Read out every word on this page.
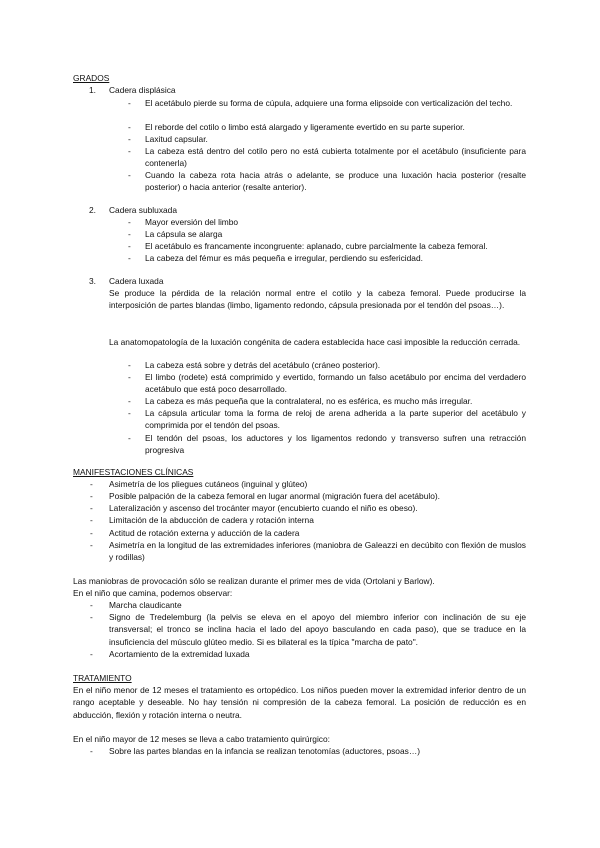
GRADOS
1.	Cadera displásica
-	El acetábulo pierde su forma de cúpula, adquiere una forma elipsoide con verticalización del techo.
-	El reborde del cotilo o limbo está alargado y ligeramente evertido en su parte superior.
-	Laxitud capsular.
-	La cabeza está dentro del cotilo pero no está cubierta totalmente por el acetábulo (insuficiente para contenerla)
-	Cuando la cabeza rota hacia atrás o adelante, se produce una luxación hacia posterior (resalte posterior) o hacia anterior (resalte anterior).
2.	Cadera subluxada
-	Mayor eversión del limbo
-	La cápsula se alarga
-	El acetábulo es francamente incongruente: aplanado, cubre parcialmente la cabeza femoral.
-	La cabeza del fémur es más pequeña e irregular, perdiendo su esfericidad.
3.	Cadera luxada
Se produce la pérdida de la relación normal entre el cotilo y la cabeza femoral. Puede producirse la interposición de partes blandas (limbo, ligamento redondo, cápsula presionada por el tendón del psoas…).
La anatomopatología de la luxación congénita de cadera establecida hace casi imposible la reducción cerrada.
-	La cabeza está sobre y detrás del acetábulo (cráneo posterior).
-	El limbo (rodete) está comprimido y evertido, formando un falso acetábulo por encima del verdadero acetábulo que está poco desarrollado.
-	La cabeza es más pequeña que la contralateral, no es esférica, es mucho más irregular.
-	La cápsula articular toma la forma de reloj de arena adherida a la parte superior del acetábulo y comprimida por el tendón del psoas.
-	El tendón del psoas, los aductores y los ligamentos redondo y transverso sufren una retracción progresiva
MANIFESTACIONES CLÍNICAS
-	Asimetría de los pliegues cutáneos (inguinal y glúteo)
-	Posible palpación de la cabeza femoral en lugar anormal (migración fuera del acetábulo).
-	Lateralización y ascenso del trocánter mayor (encubierto cuando el niño es obeso).
-	Limitación de la abducción de cadera y rotación interna
-	Actitud de rotación externa y aducción de la cadera
-	Asimetría en la longitud de las extremidades inferiores (maniobra de Galeazzi en decúbito con flexión de muslos y rodillas)
Las maniobras de provocación sólo se realizan durante el primer mes de vida (Ortolani y Barlow).
En el niño que camina, podemos observar:
-	Marcha claudicante
-	Signo de Tredelemburg (la pelvis se eleva en el apoyo del miembro inferior con inclinación de su eje transversal; el tronco se inclina hacia el lado del apoyo basculando en cada paso), que se traduce en la insuficiencia del músculo glúteo medio. Si es bilateral es la típica "marcha de pato".
-	Acortamiento de la extremidad luxada
TRATAMIENTO
En el niño menor de 12 meses el tratamiento es ortopédico. Los niños pueden mover la extremidad inferior dentro de un rango aceptable y deseable. No hay tensión ni compresión de la cabeza femoral. La posición de reducción es en abducción, flexión y rotación interna o neutra.
En el niño mayor de 12 meses se lleva a cabo tratamiento quirúrgico:
-	Sobre las partes blandas en la infancia se realizan tenotomías (aductores, psoas…)
